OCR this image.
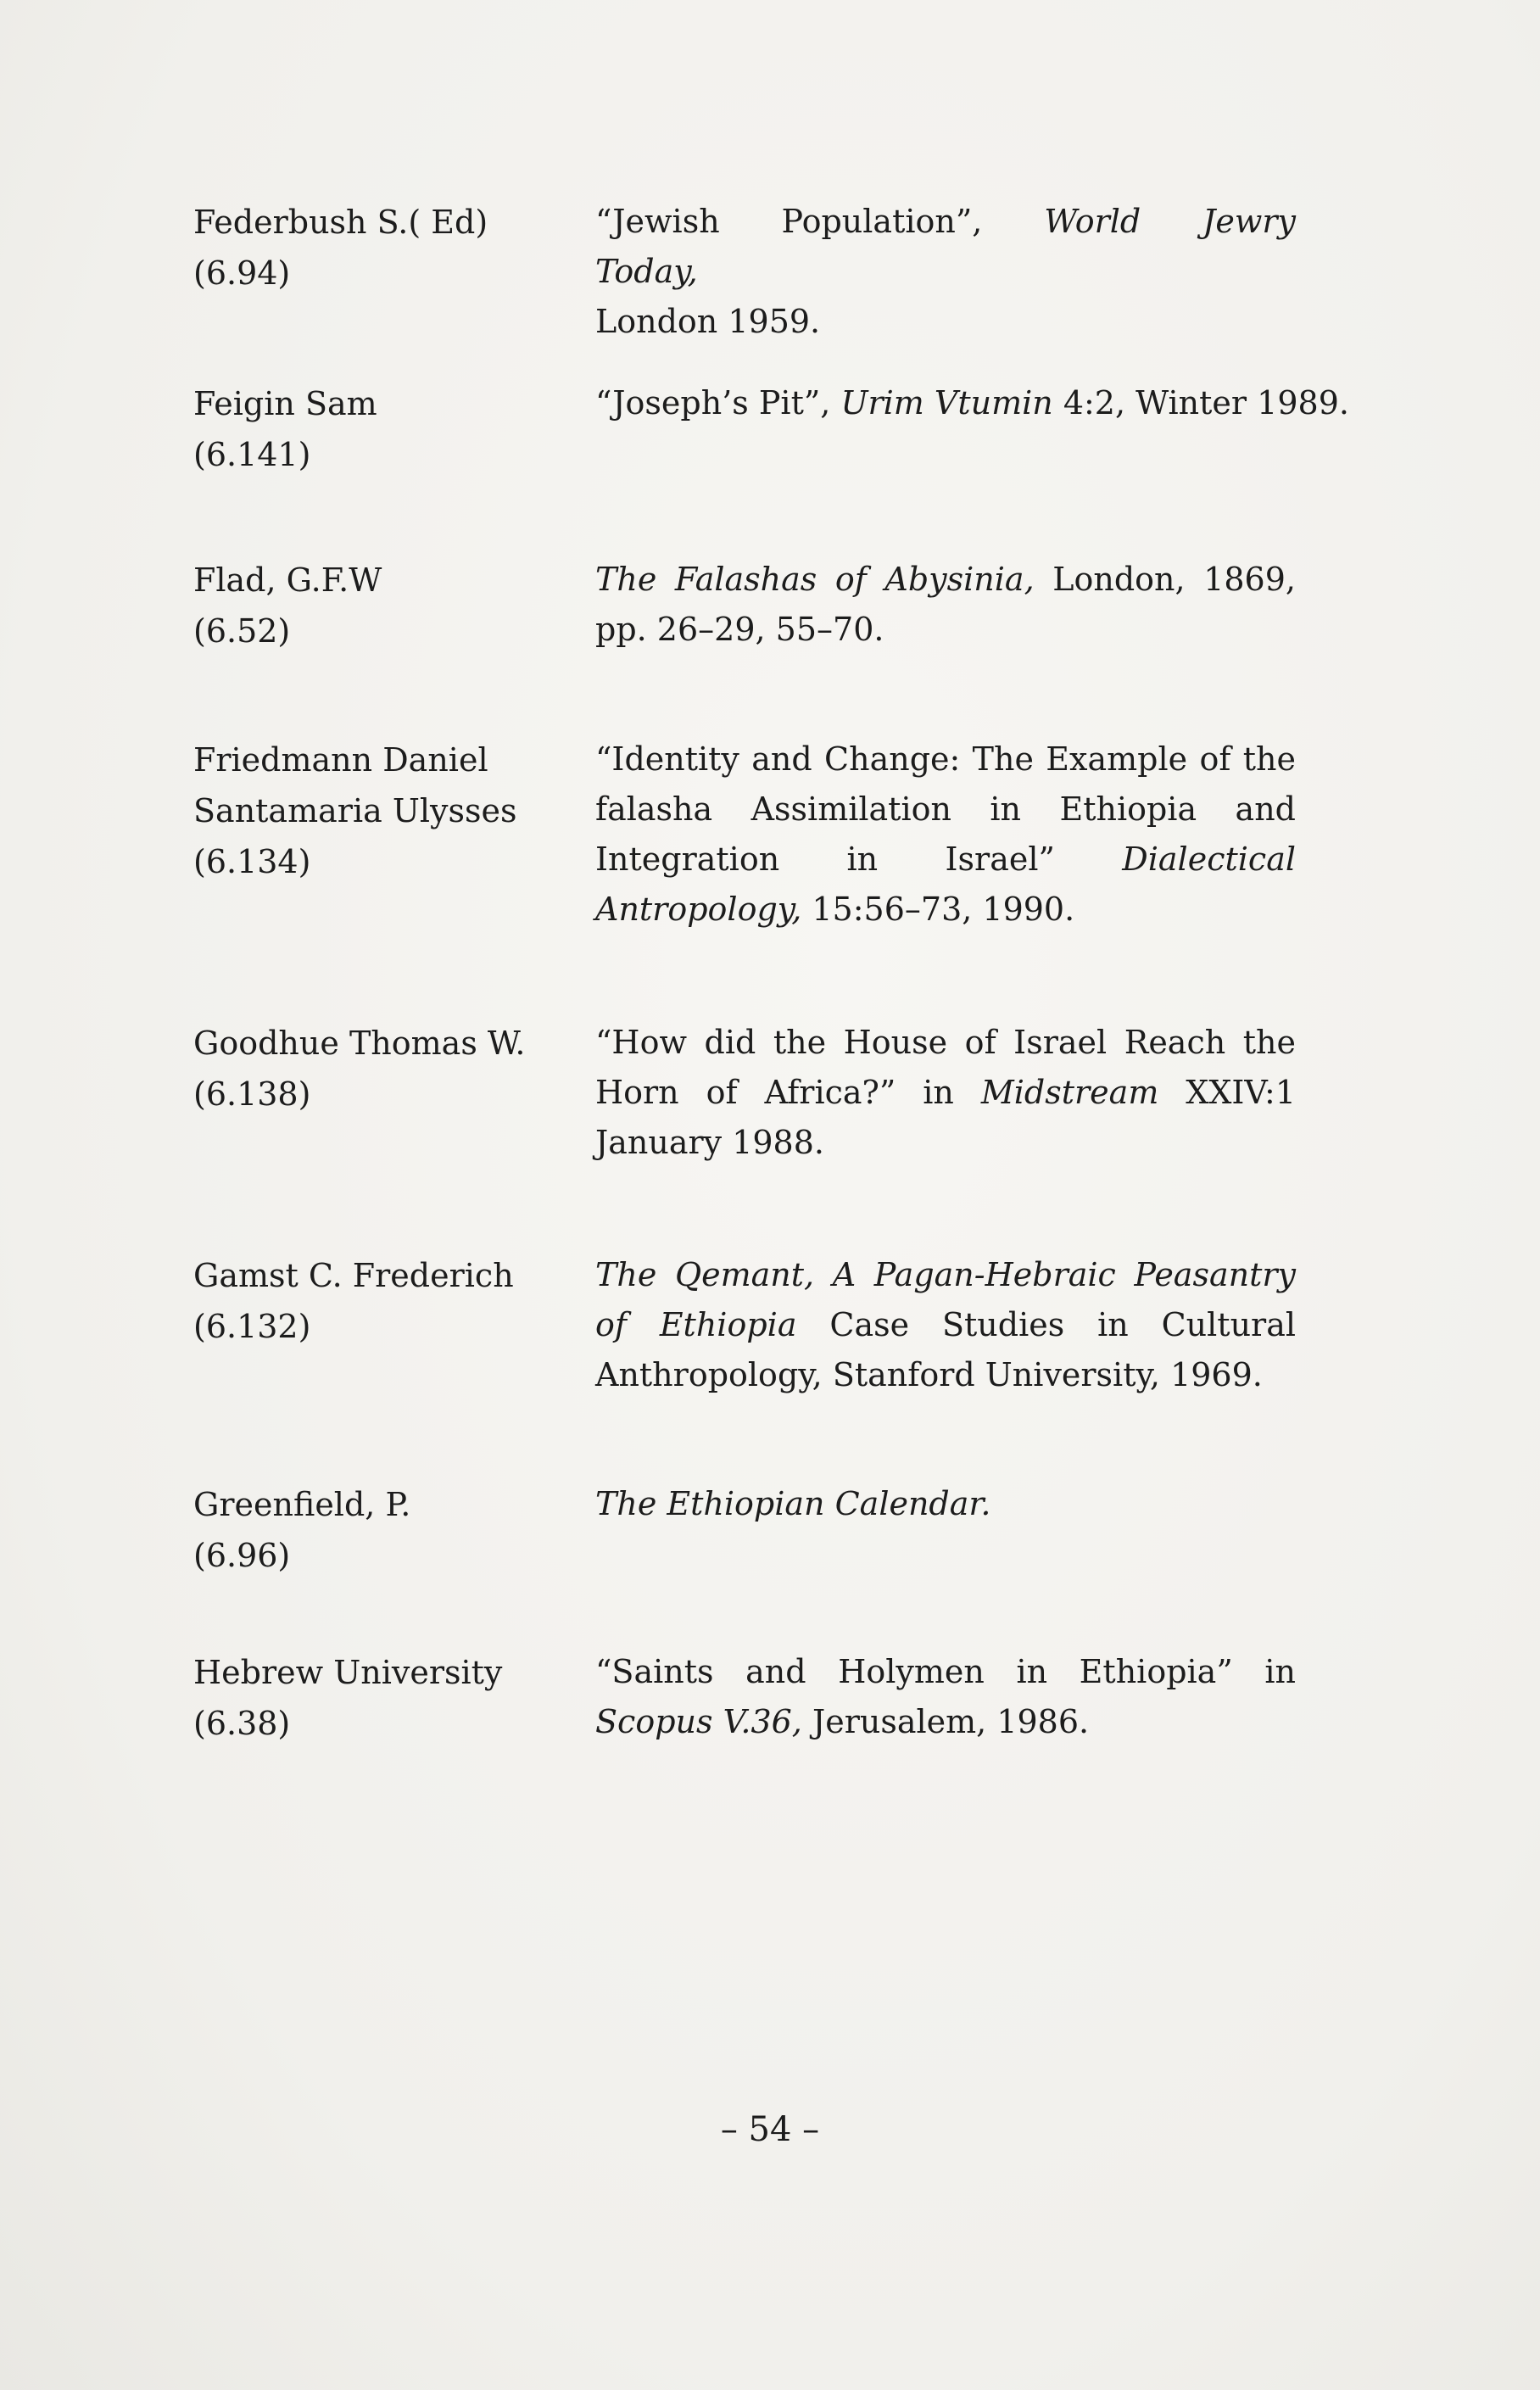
Federbush S.( Ed)
(6.94)
“Jewish Population”, World Jewry Today,
London 1959.
Feigin Sam
(6.141)
“Joseph’s Pit”, Urim Vtumin 4:2, Winter 1989.
Flad, G.F.W
(6.52)
The Falashas of Abysinia, London, 1869, pp. 26–29, 55–70.
Friedmann Daniel
Santamaria Ulysses
(6.134)
“Identity and Change: The Example of the falasha Assimilation in Ethiopia and Integration in Israel” Dialectical Antropology, 15:56–73, 1990.
Goodhue Thomas W.
(6.138)
“How did the House of Israel Reach the Horn of Africa?” in Midstream XXIV:1 January 1988.
Gamst C. Frederich
(6.132)
The Qemant, A Pagan-Hebraic Peasantry of Ethiopia Case Studies in Cultural Anthropology, Stanford University, 1969.
Greenfield, P.
(6.96)
The Ethiopian Calendar.
Hebrew University
(6.38)
“Saints and Holymen in Ethiopia” in Scopus V.36, Jerusalem, 1986.
– 54 –
